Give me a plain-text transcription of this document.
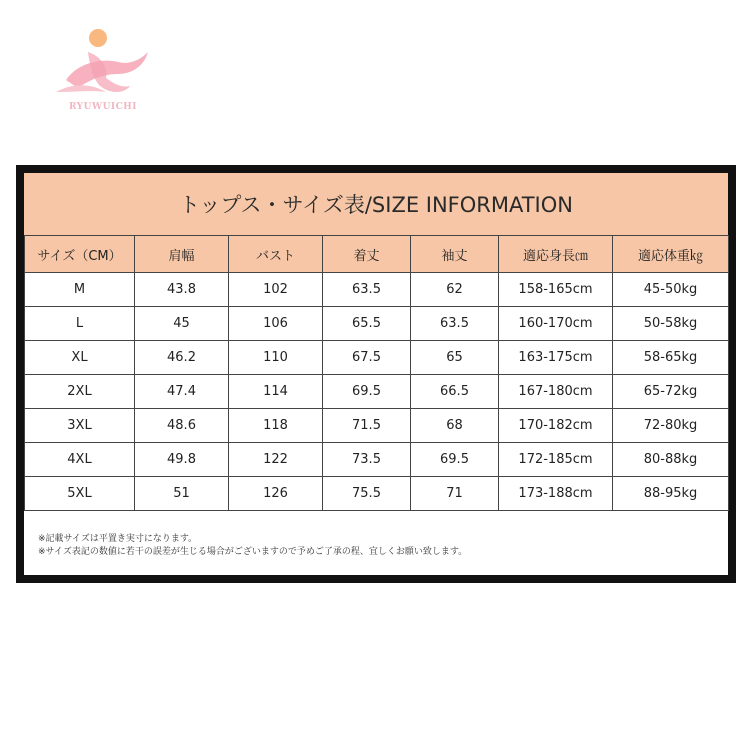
RYUWUICHI
トップス・サイズ表/SIZE INFORMATION
サイズ（CM）	肩幅	バスト	着丈	袖丈	適応身長㎝	適応体重㎏
M	43.8	102	63.5	62	158-165cm	45-50kg
L	45	106	65.5	63.5	160-170cm	50-58kg
XL	46.2	110	67.5	65	163-175cm	58-65kg
2XL	47.4	114	69.5	66.5	167-180cm	65-72kg
3XL	48.6	118	71.5	68	170-182cm	72-80kg
4XL	49.8	122	73.5	69.5	172-185cm	80-88kg
5XL	51	126	75.5	71	173-188cm	88-95kg
※記載サイズは平置き実寸になります。
※サイズ表記の数値に若干の誤差が生じる場合がございますので予めご了承の程、宜しくお願い致します。
